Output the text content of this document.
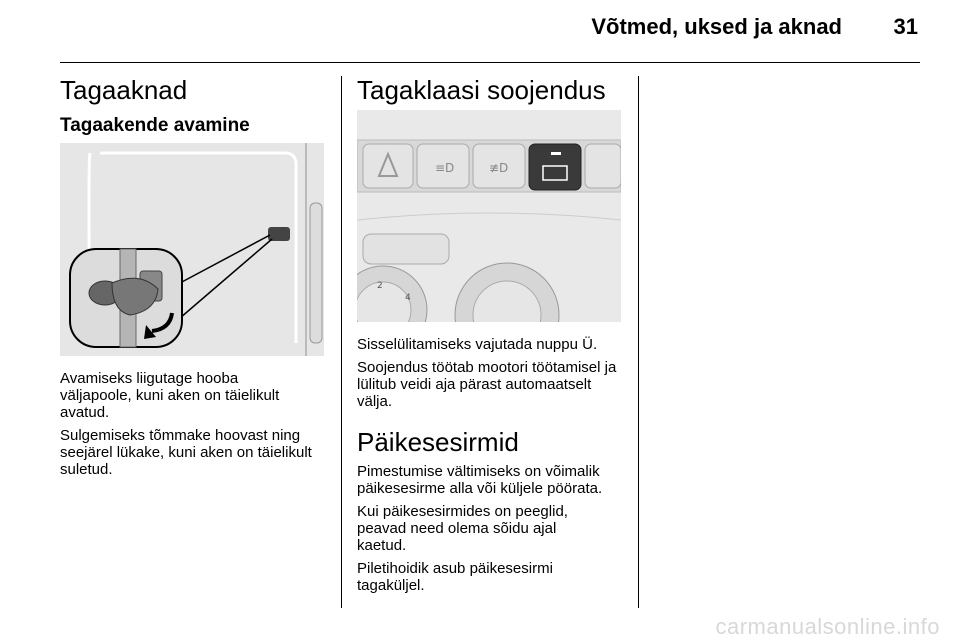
Võtmed, uksed ja aknad 31
Tagaaknad
Tagaakende avamine

Avamiseks liigutage hooba väljapoole, kuni aken on täielikult avatud.

Sulgemiseks tõmmake hoovast ning seejärel lükake, kuni aken on täielikult suletud.

Tagaklaasi soojendus
≡D	≢D
2
4

Sisselülitamiseks vajutada nuppu Ü.

Soojendus töötab mootori töötamisel ja lülitub veidi aja pärast automaatselt välja.

Päikesesirmid

Pimestumise vältimiseks on võimalik päikesesirme alla või küljele pöörata.

Kui päikesesirmides on peeglid, peavad need olema sõidu ajal kaetud.

Piletihoidik asub päikesesirmi tagaküljel.

carmanualsonline.info
